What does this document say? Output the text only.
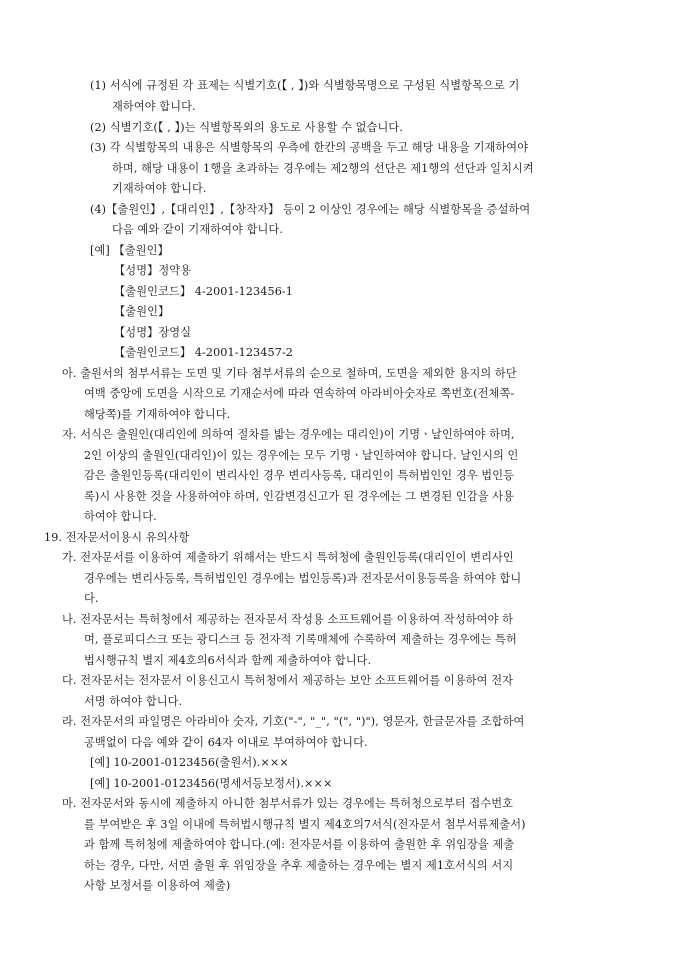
(1) 서식에 규정된 각 표제는 식별기호(【 , 】)와 식별항목명으로 구성된 식별항목으로 기
재하여야 합니다.
(2) 식별기호(【 , 】)는 식별항목외의 용도로 사용할 수 없습니다.
(3) 각 식별항목의 내용은 식별항목의 우측에 한칸의 공백을 두고 해당 내용을 기재하여야
하며, 해당 내용이 1행을 초과하는 경우에는 제2행의 선단은 제1행의 선단과 일치시켜
기재하여야 합니다.
(4)【출원인】,【대리인】,【창작자】 등이 2 이상인 경우에는 해당 식별항목을 증설하여
다음 예와 같이 기재하여야 합니다.
[예] 【출원인】
【성명】정약용
【출원인코드】 4-2001-123456-1
【출원인】
【성명】장영실
【출원인코드】 4-2001-123457-2
아. 출원서의 첨부서류는 도면 및 기타 첨부서류의 순으로 철하며, 도면을 제외한 용지의 하단
여백 중앙에 도면을 시작으로 기재순서에 따라 연속하여 아라비아숫자로 쪽번호(전체쪽-
해당쪽)를 기재하여야 합니다.
자. 서식은 출원인(대리인에 의하여 절차를 밟는 경우에는 대리인)이 기명ㆍ날인하여야 하며,
2인 이상의 출원인(대리인)이 있는 경우에는 모두 기명ㆍ날인하여야 합니다. 날인시의 인
감은 출원인등록(대리인이 변리사인 경우 변리사등록, 대리인이 특허법인인 경우 법인등
록)시 사용한 것을 사용하여야 하며, 인감변경신고가 된 경우에는 그 변경된 인감을 사용
하여야 합니다.
19. 전자문서이용시 유의사항
가. 전자문서를 이용하여 제출하기 위해서는 반드시 특허청에 출원인등록(대리인이 변리사인
경우에는 변리사등록, 특허법인인 경우에는 법인등록)과 전자문서이용등록을 하여야 합니
다.
나. 전자문서는 특허청에서 제공하는 전자문서 작성용 소프트웨어를 이용하여 작성하여야 하
며, 플로피디스크 또는 광디스크 등 전자적 기록매체에 수록하여 제출하는 경우에는 특허
법시행규칙 별지 제4호의6서식과 함께 제출하여야 합니다.
다. 전자문서는 전자문서 이용신고시 특허청에서 제공하는 보안 소프트웨어를 이용하여 전자
서명 하여야 합니다.
라. 전자문서의 파일명은 아라비아 숫자, 기호("-", "_", "(", ")"), 영문자, 한글문자를 조합하여
공백없이 다음 예와 같이 64자 이내로 부여하여야 합니다.
[예] 10-2001-0123456(출원서).×××
[예] 10-2001-0123456(명세서등보정서).×××
마. 전자문서와 동시에 제출하지 아니한 첨부서류가 있는 경우에는 특허청으로부터 접수번호
를 부여받은 후 3일 이내에 특허법시행규칙 별지 제4호의7서식(전자문서 첨부서류제출서)
과 함께 특허청에 제출하여야 합니다.(예: 전자문서를 이용하여 출원한 후 위임장을 제출
하는 경우, 다만, 서면 출원 후 위임장을 추후 제출하는 경우에는 별지 제1호서식의 서지
사항 보정서를 이용하여 제출)
